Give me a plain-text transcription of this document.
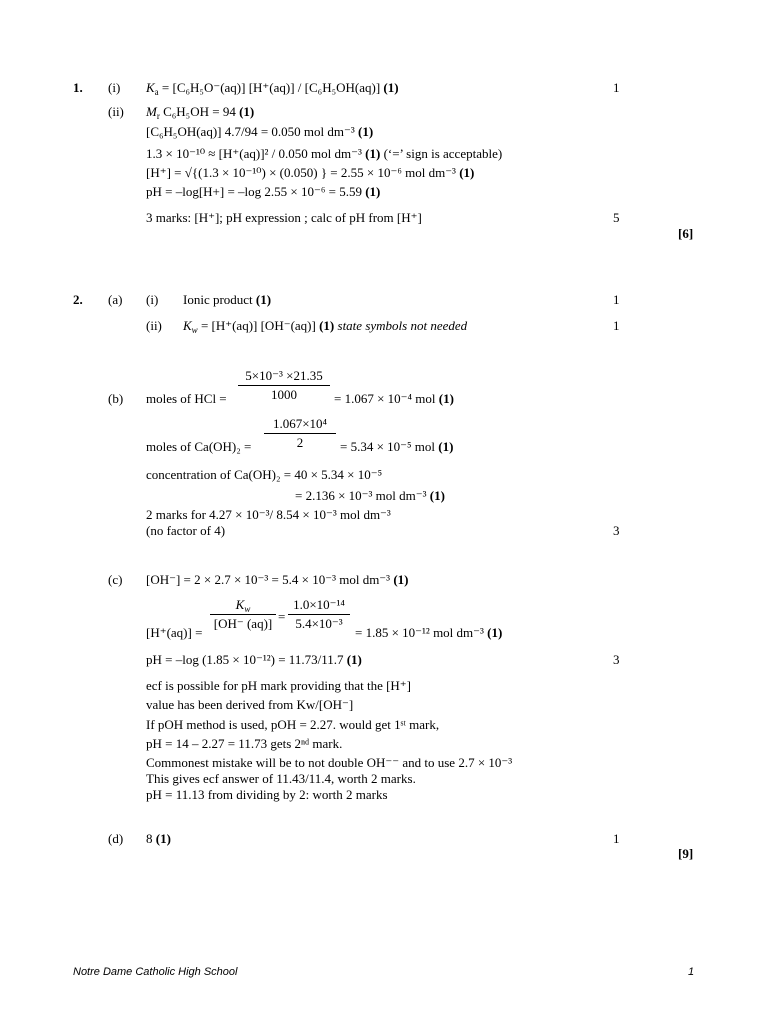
1. (i) $K_a = [C_6H_5O^-(aq)]$ [H⁺(aq)] / [C₆H₅OH(aq)] (1)	1
(ii) $M_r$ C₆H₅OH = 94 (1)
[C₆H₅OH(aq)] 4.7/94 = 0.050 mol dm⁻³ (1)
1.3 × 10⁻¹⁰ ≈ [H⁺(aq)]² / 0.050 mol dm⁻³ (1) (‘=’ sign is acceptable)
[H⁺] = √{(1.3 × 10⁻¹⁰) × (0.050) } = 2.55 × 10⁻⁶ mol dm⁻³ (1)
pH = –log[H+] = –log 2.55 × 10⁻⁶ = 5.59 (1)
3 marks: [H⁺]; pH expression ; calc of pH from [H⁺]	5
[6]
2. (a) (i) Ionic product (1)	1
(ii) $K_w = [H^+(aq)]$ [OH⁻(aq)] (1) state symbols not needed	1
(b) moles of HCl =
5×10⁻³ ×21.35
1000	= 1.067 × 10⁻⁴ mol (1)
moles of Ca(OH)₂ =
1.067×10⁴
2	= 5.34 × 10⁻⁵ mol (1)
concentration of Ca(OH)₂ = 40 × 5.34 × 10⁻⁵
= 2.136 × 10⁻³ mol dm⁻³ (1)
2 marks for 4.27 × 10⁻³/ 8.54 × 10⁻³ mol dm⁻³
(no factor of 4)	3
(c) [OH⁻] = 2 × 2.7 × 10⁻³ = 5.4 × 10⁻³ mol dm⁻³ (1)
[H⁺(aq)] =
$K_w$
[OH⁻ (aq)] =
1.0×10⁻¹⁴
5.4×10⁻³
= 1.85 × 10⁻¹² mol dm⁻³ (1)
pH = –log (1.85 × 10⁻¹²) = 11.73/11.7 (1)	3
ecf is possible for pH mark providing that the [H⁺]
value has been derived from Kw/[OH⁻]
If pOH method is used, pOH = 2.27. would get 1ˢᵗ mark,
pH = 14 – 2.27 = 11.73 gets 2ⁿᵈ mark.
Commonest mistake will be to not double OH⁻⁻ and to use 2.7 × 10⁻³
This gives ecf answer of 11.43/11.4, worth 2 marks.
pH = 11.13 from dividing by 2: worth 2 marks
(d) 8 (1)	1
[9]
Notre Dame Catholic High School	1
